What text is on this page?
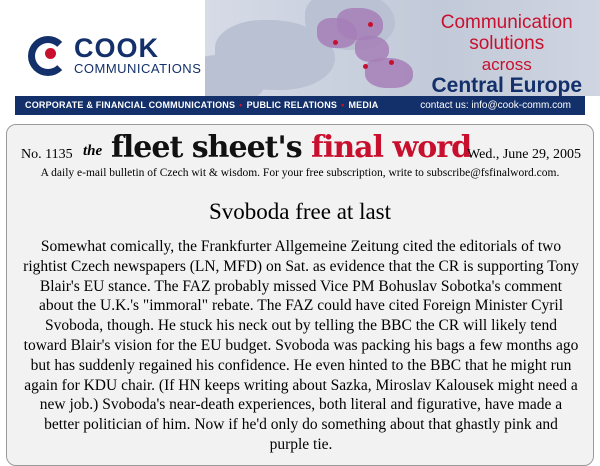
Communication
solutions
across
Central Europe
COOK
COMMUNICATIONS
CORPORATE & FINANCIAL COMMUNICATIONS • PUBLIC RELATIONS • MEDIA	contact us: info@cook-comm.com
No. 1135 the fleet sheet's final word
Wed., June 29, 2005
A daily e-mail bulletin of Czech wit & wisdom. For your free subscription, write to subscribe@fsfinalword.com.
Svoboda free at last

Somewhat comically, the Frankfurter Allgemeine Zeitung cited the editorials of two rightist Czech newspapers (LN, MFD) on Sat. as evidence that the CR is supporting Tony Blair's EU stance. The FAZ probably missed Vice PM Bohuslav Sobotka's comment about the U.K.'s "immoral" rebate. The FAZ could have cited Foreign Minister Cyril Svoboda, though. He stuck his neck out by telling the BBC the CR will likely tend toward Blair's vision for the EU budget. Svoboda was packing his bags a few months ago but has suddenly regained his confidence. He even hinted to the BBC that he might run again for KDU chair. (If HN keeps writing about Sazka, Miroslav Kalousek might need a new job.) Svoboda's near-death experiences, both literal and figurative, have made a better politician of him. Now if he'd only do something about that ghastly pink and purple tie.
